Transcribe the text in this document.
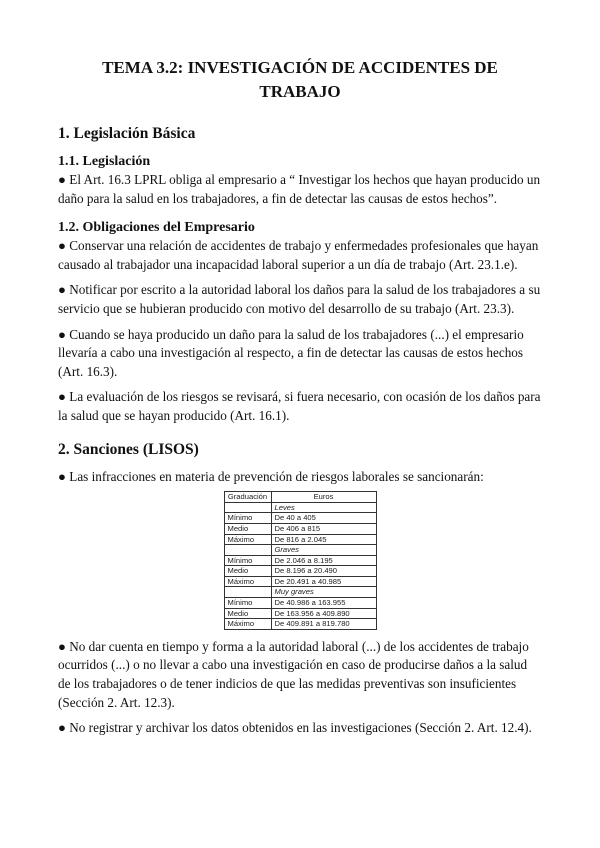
TEMA 3.2: INVESTIGACIÓN DE ACCIDENTES DE TRABAJO
1. Legislación Básica
1.1. Legislación

● El Art. 16.3 LPRL obliga al empresario a “ Investigar los hechos que hayan producido un daño para la salud en los trabajadores, a fin de detectar las causas de estos hechos”.

1.2. Obligaciones del Empresario

● Conservar una relación de accidentes de trabajo y enfermedades profesionales que hayan causado al trabajador una incapacidad laboral superior a un día de trabajo (Art. 23.1.e).

● Notificar por escrito a la autoridad laboral los daños para la salud de los trabajadores a su servicio que se hubieran producido con motivo del desarrollo de su trabajo (Art. 23.3).

● Cuando se haya producido un daño para la salud de los trabajadores (...) el empresario llevaría a cabo una investigación al respecto, a fin de detectar las causas de estos hechos (Art. 16.3).

● La evaluación de los riesgos se revisará, si fuera necesario, con ocasión de los daños para la salud que se hayan producido (Art. 16.1).

2. Sanciones (LISOS)

● Las infracciones en materia de prevención de riesgos laborales se sancionarán:

Graduación	Euros
	Leves
Mínimo	De 40 a 405
Medio	De 406 a 815
Máximo	De 816 a 2.045
	Graves
Mínimo	De 2.046 a 8.195
Medio	De 8.196 a 20.490
Máximo	De 20.491 a 40.985
	Muy graves
Mínimo	De 40.986 a 163.955
Medio	De 163.956 a 409.890
Máximo	De 409.891 a 819.780

● No dar cuenta en tiempo y forma a la autoridad laboral (...) de los accidentes de trabajo ocurridos (...) o no llevar a cabo una investigación en caso de producirse daños a la salud de los trabajadores o de tener indicios de que las medidas preventivas son insuficientes (Sección 2. Art. 12.3).

● No registrar y archivar los datos obtenidos en las investigaciones (Sección 2. Art. 12.4).
